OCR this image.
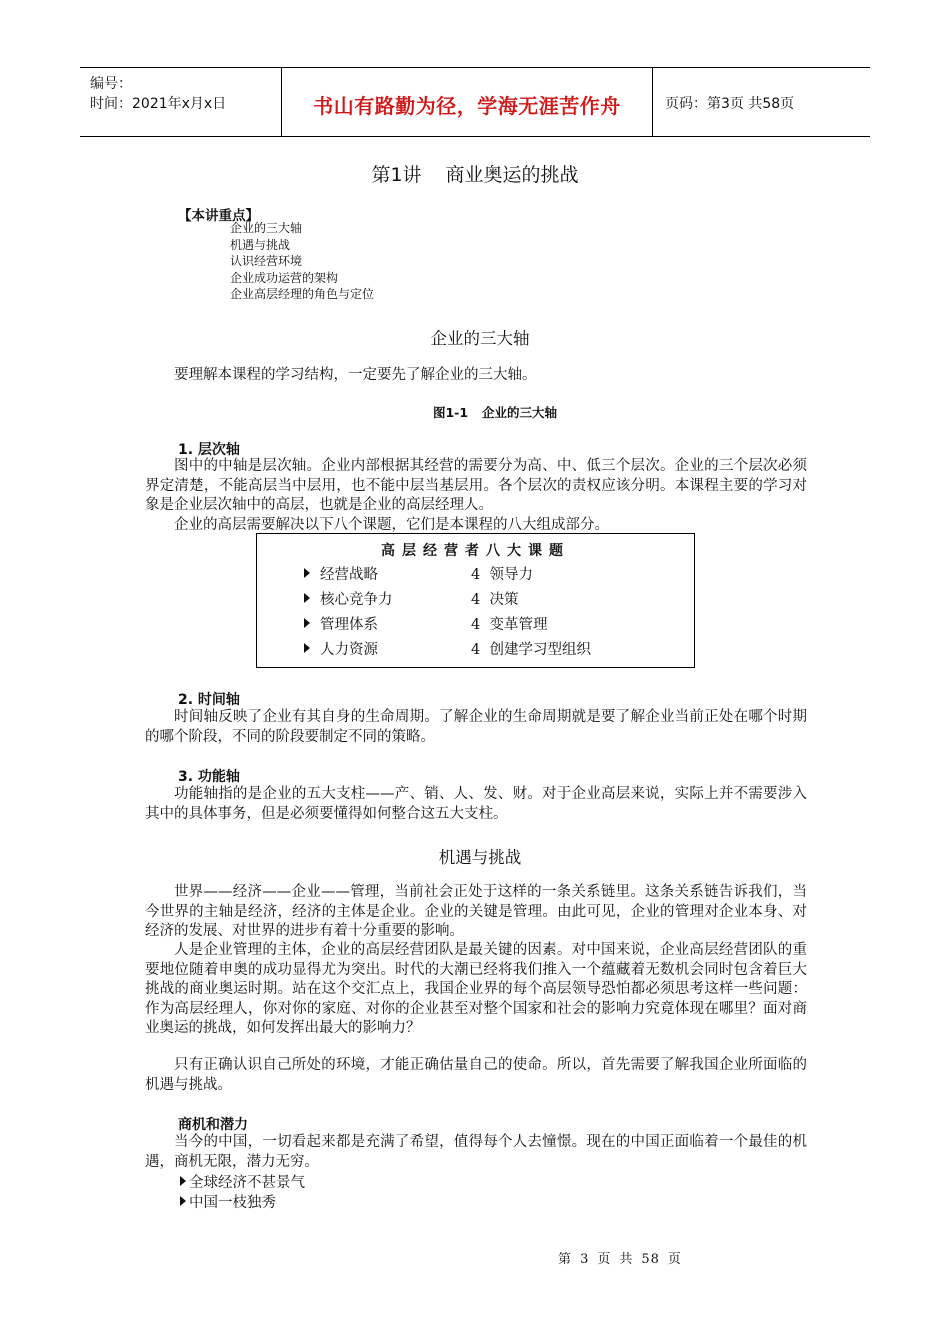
编号：
时间：2021年x月x日	书山有路勤为径，学海无涯苦作舟	页码：第3页 共58页
第1讲 商业奥运的挑战
【本讲重点】
企业的三大轴
机遇与挑战
认识经营环境
企业成功运营的架构
企业高层经理的角色与定位
企业的三大轴
要理解本课程的学习结构，一定要先了解企业的三大轴。
图1-1 企业的三大轴
1. 层次轴
图中的中轴是层次轴。企业内部根据其经营的需要分为高、中、低三个层次。企业的三个层次必须界定清楚，不能高层当中层用，也不能中层当基层用。各个层次的责权应该分明。本课程主要的学习对象是企业层次轴中的高层，也就是企业的高层经理人。
企业的高层需要解决以下八个课题，它们是本课程的八大组成部分。
高层经营者八大课题
经营战略
核心竞争力
管理体系
人力资源
4 领导力
4 决策
4 变革管理
4 创建学习型组织
2. 时间轴
时间轴反映了企业有其自身的生命周期。了解企业的生命周期就是要了解企业当前正处在哪个时期的哪个阶段，不同的阶段要制定不同的策略。
3. 功能轴
功能轴指的是企业的五大支柱——产、销、人、发、财。对于企业高层来说，实际上并不需要涉入其中的具体事务，但是必须要懂得如何整合这五大支柱。
机遇与挑战
世界——经济——企业——管理，当前社会正处于这样的一条关系链里。这条关系链告诉我们，当今世界的主轴是经济，经济的主体是企业。企业的关键是管理。由此可见，企业的管理对企业本身、对经济的发展、对世界的进步有着十分重要的影响。
人是企业管理的主体，企业的高层经营团队是最关键的因素。对中国来说，企业高层经营团队的重要地位随着申奥的成功显得尤为突出。时代的大潮已经将我们推入一个蕴藏着无数机会同时包含着巨大挑战的商业奥运时期。站在这个交汇点上，我国企业界的每个高层领导恐怕都必须思考这样一些问题：作为高层经理人，你对你的家庭、对你的企业甚至对整个国家和社会的影响力究竟体现在哪里？面对商业奥运的挑战，如何发挥出最大的影响力？
只有正确认识自己所处的环境，才能正确估量自己的使命。所以，首先需要了解我国企业所面临的机遇与挑战。
商机和潜力
当今的中国，一切看起来都是充满了希望，值得每个人去憧憬。现在的中国正面临着一个最佳的机遇，商机无限，潜力无穷。
全球经济不甚景气
中国一枝独秀
第 3 页 共 58 页
